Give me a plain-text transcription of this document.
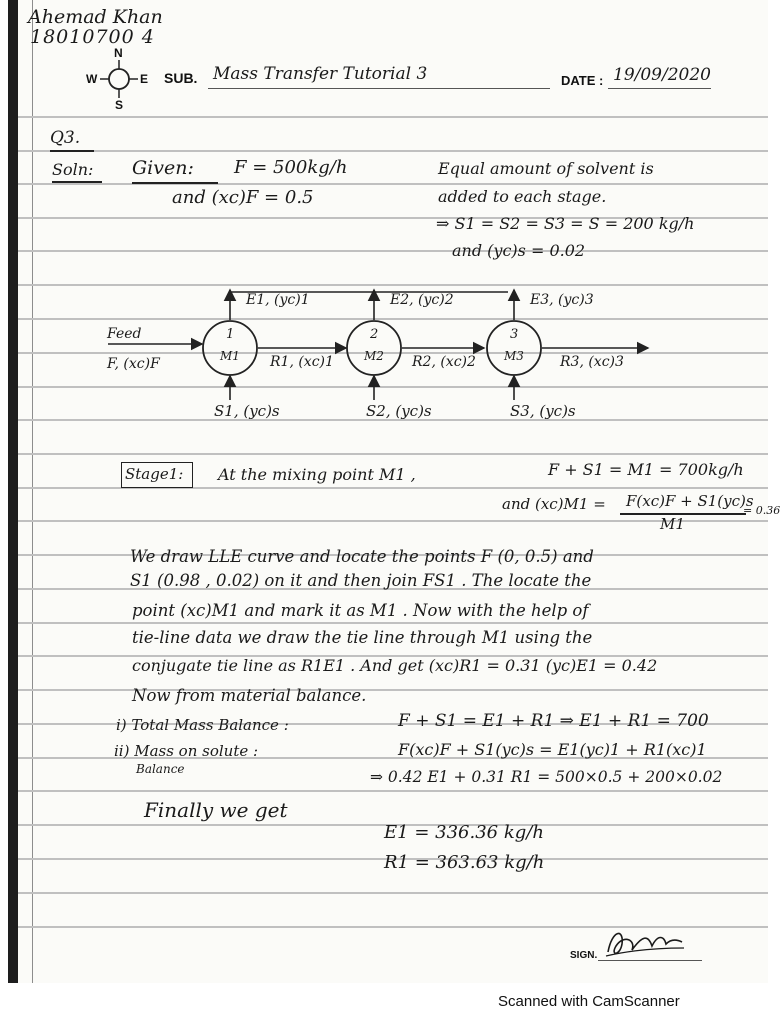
Ahemad Khan
18010700 4
N
S
E
W	SUB. Mass Transfer Tutorial 3	DATE : 19/09/2020
Q3.
Soln: Given: F = 500kg/h
and (xc)F = 0.5
Equal amount of solvent is
added to each stage.
⇒ S1 = S2 = S3 = S = 200 kg/h
and (yc)s = 0.02
Feed
F, (xc)F
1
M1
E1, (yc)1
R1, (xc)1
S1, (yc)s
2
M2
E2, (yc)2
R2, (xc)2
S2, (yc)s
3
M3
E3, (yc)3
R3, (xc)3
S3, (yc)s
Stage1: At the mixing point M1 ,	F + S1 = M1 = 700kg/h
and (xc)M1 = F(xc)F + S1(yc)s
M1
= 0.36
We draw LLE curve and locate the points F (0, 0.5) and
S1 (0.98 , 0.02) on it and then join FS1 . The locate the
point (xc)M1 and mark it as M1 . Now with the help of
tie-line data we draw the tie line through M1 using the
conjugate tie line as R1E1 . And get (xc)R1 = 0.31 (yc)E1 = 0.42
Now from material balance.
i) Total Mass Balance :	F + S1 = E1 + R1 ⇒ E1 + R1 = 700
ii) Mass on solute :
Balance
F(xc)F + S1(yc)s = E1(yc)1 + R1(xc)1
⇒ 0.42 E1 + 0.31 R1 = 500×0.5 + 200×0.02
Finally we get
E1 = 336.36 kg/h
R1 = 363.63 kg/h
SIGN.
Scanned with CamScanner
